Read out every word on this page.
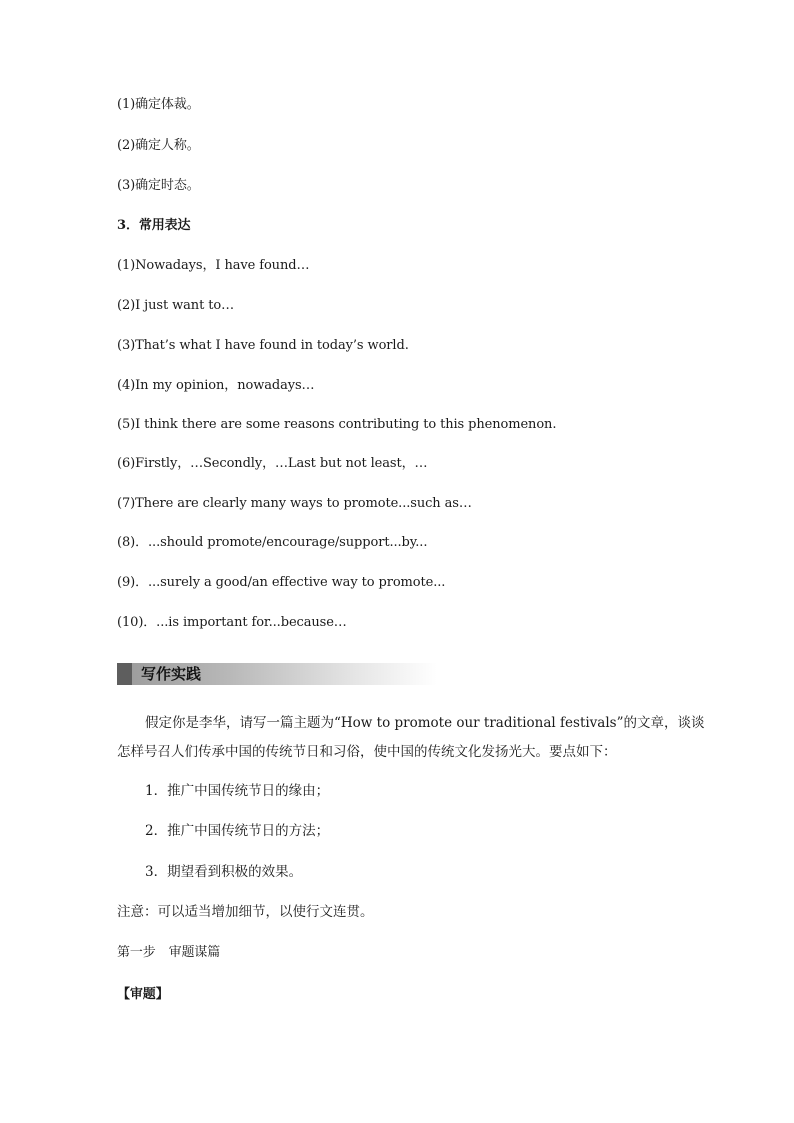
(1)确定体裁。
(2)确定人称。
(3)确定时态。
3．常用表达
(1)Nowadays，I have found…
(2)I just want to…
(3)That’s what I have found in today’s world.
(4)In my opinion，nowadays…
(5)I think there are some reasons contributing to this phenomenon.
(6)Firstly，…Secondly，…Last but not least，…
(7)There are clearly many ways to promote...such as…
(8)．...should promote/encourage/support...by...
(9)．...surely a good/an effective way to promote...
(10)．...is important for...because…
写作实践
假定你是李华，请写一篇主题为“How to promote our traditional festivals”的文章，谈谈
怎样号召人们传承中国的传统节日和习俗，使中国的传统文化发扬光大。要点如下：
1．推广中国传统节日的缘由；
2．推广中国传统节日的方法；
3．期望看到积极的效果。
注意：可以适当增加细节，以使行文连贯。
第一步　审题谋篇
【审题】
